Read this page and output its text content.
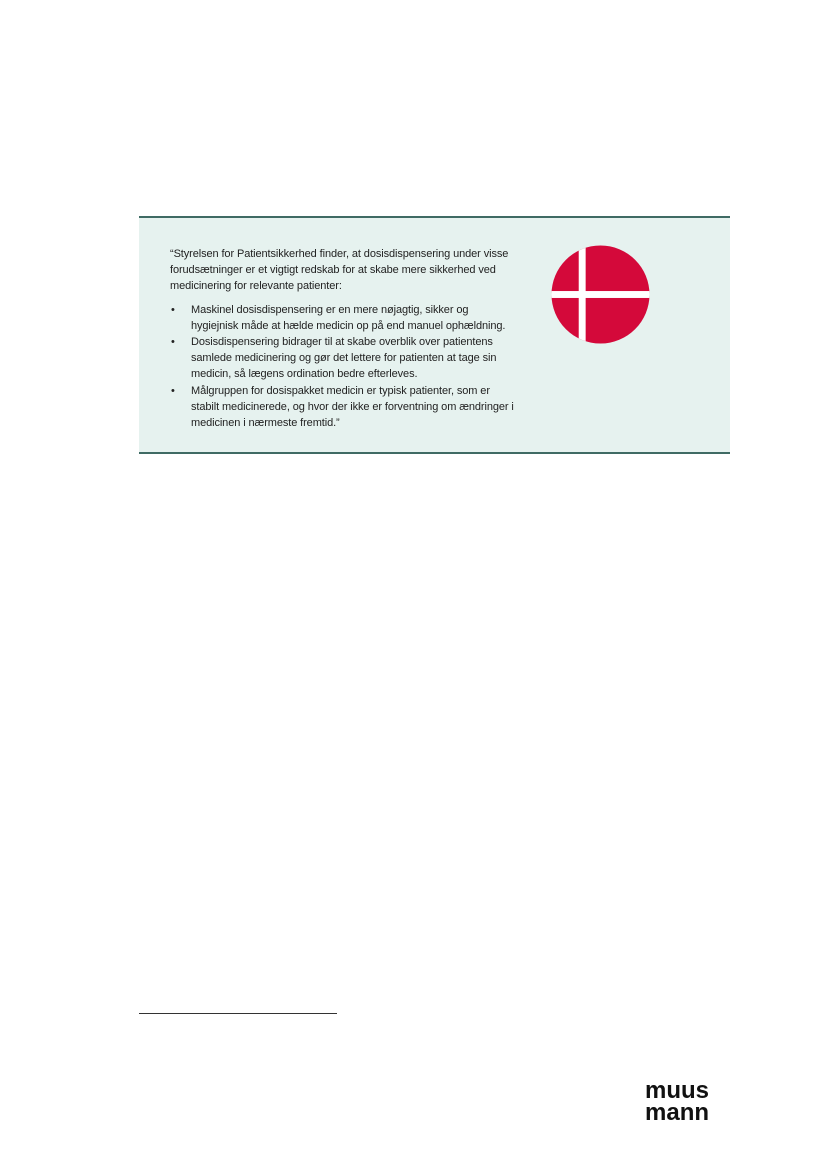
“Styrelsen for Patientsikkerhed finder, at dosisdispensering under visse forudsætninger er et vigtigt redskab for at skabe mere sikkerhed ved medicinering for relevante patienter:

• Maskinel dosisdispensering er en mere nøjagtig, sikker og hygiejnisk måde at hælde medicin op på end manuel ophældning.
• Dosisdispensering bidrager til at skabe overblik over patientens samlede medicinering og gør det lettere for patienten at tage sin medicin, så lægens ordination bedre efterleves.
• Målgruppen for dosispakket medicin er typisk patienter, som er stabilt medicinerede, og hvor der ikke er forventning om ændringer i medicinen i nærmeste fremtid.”
muus
mann
